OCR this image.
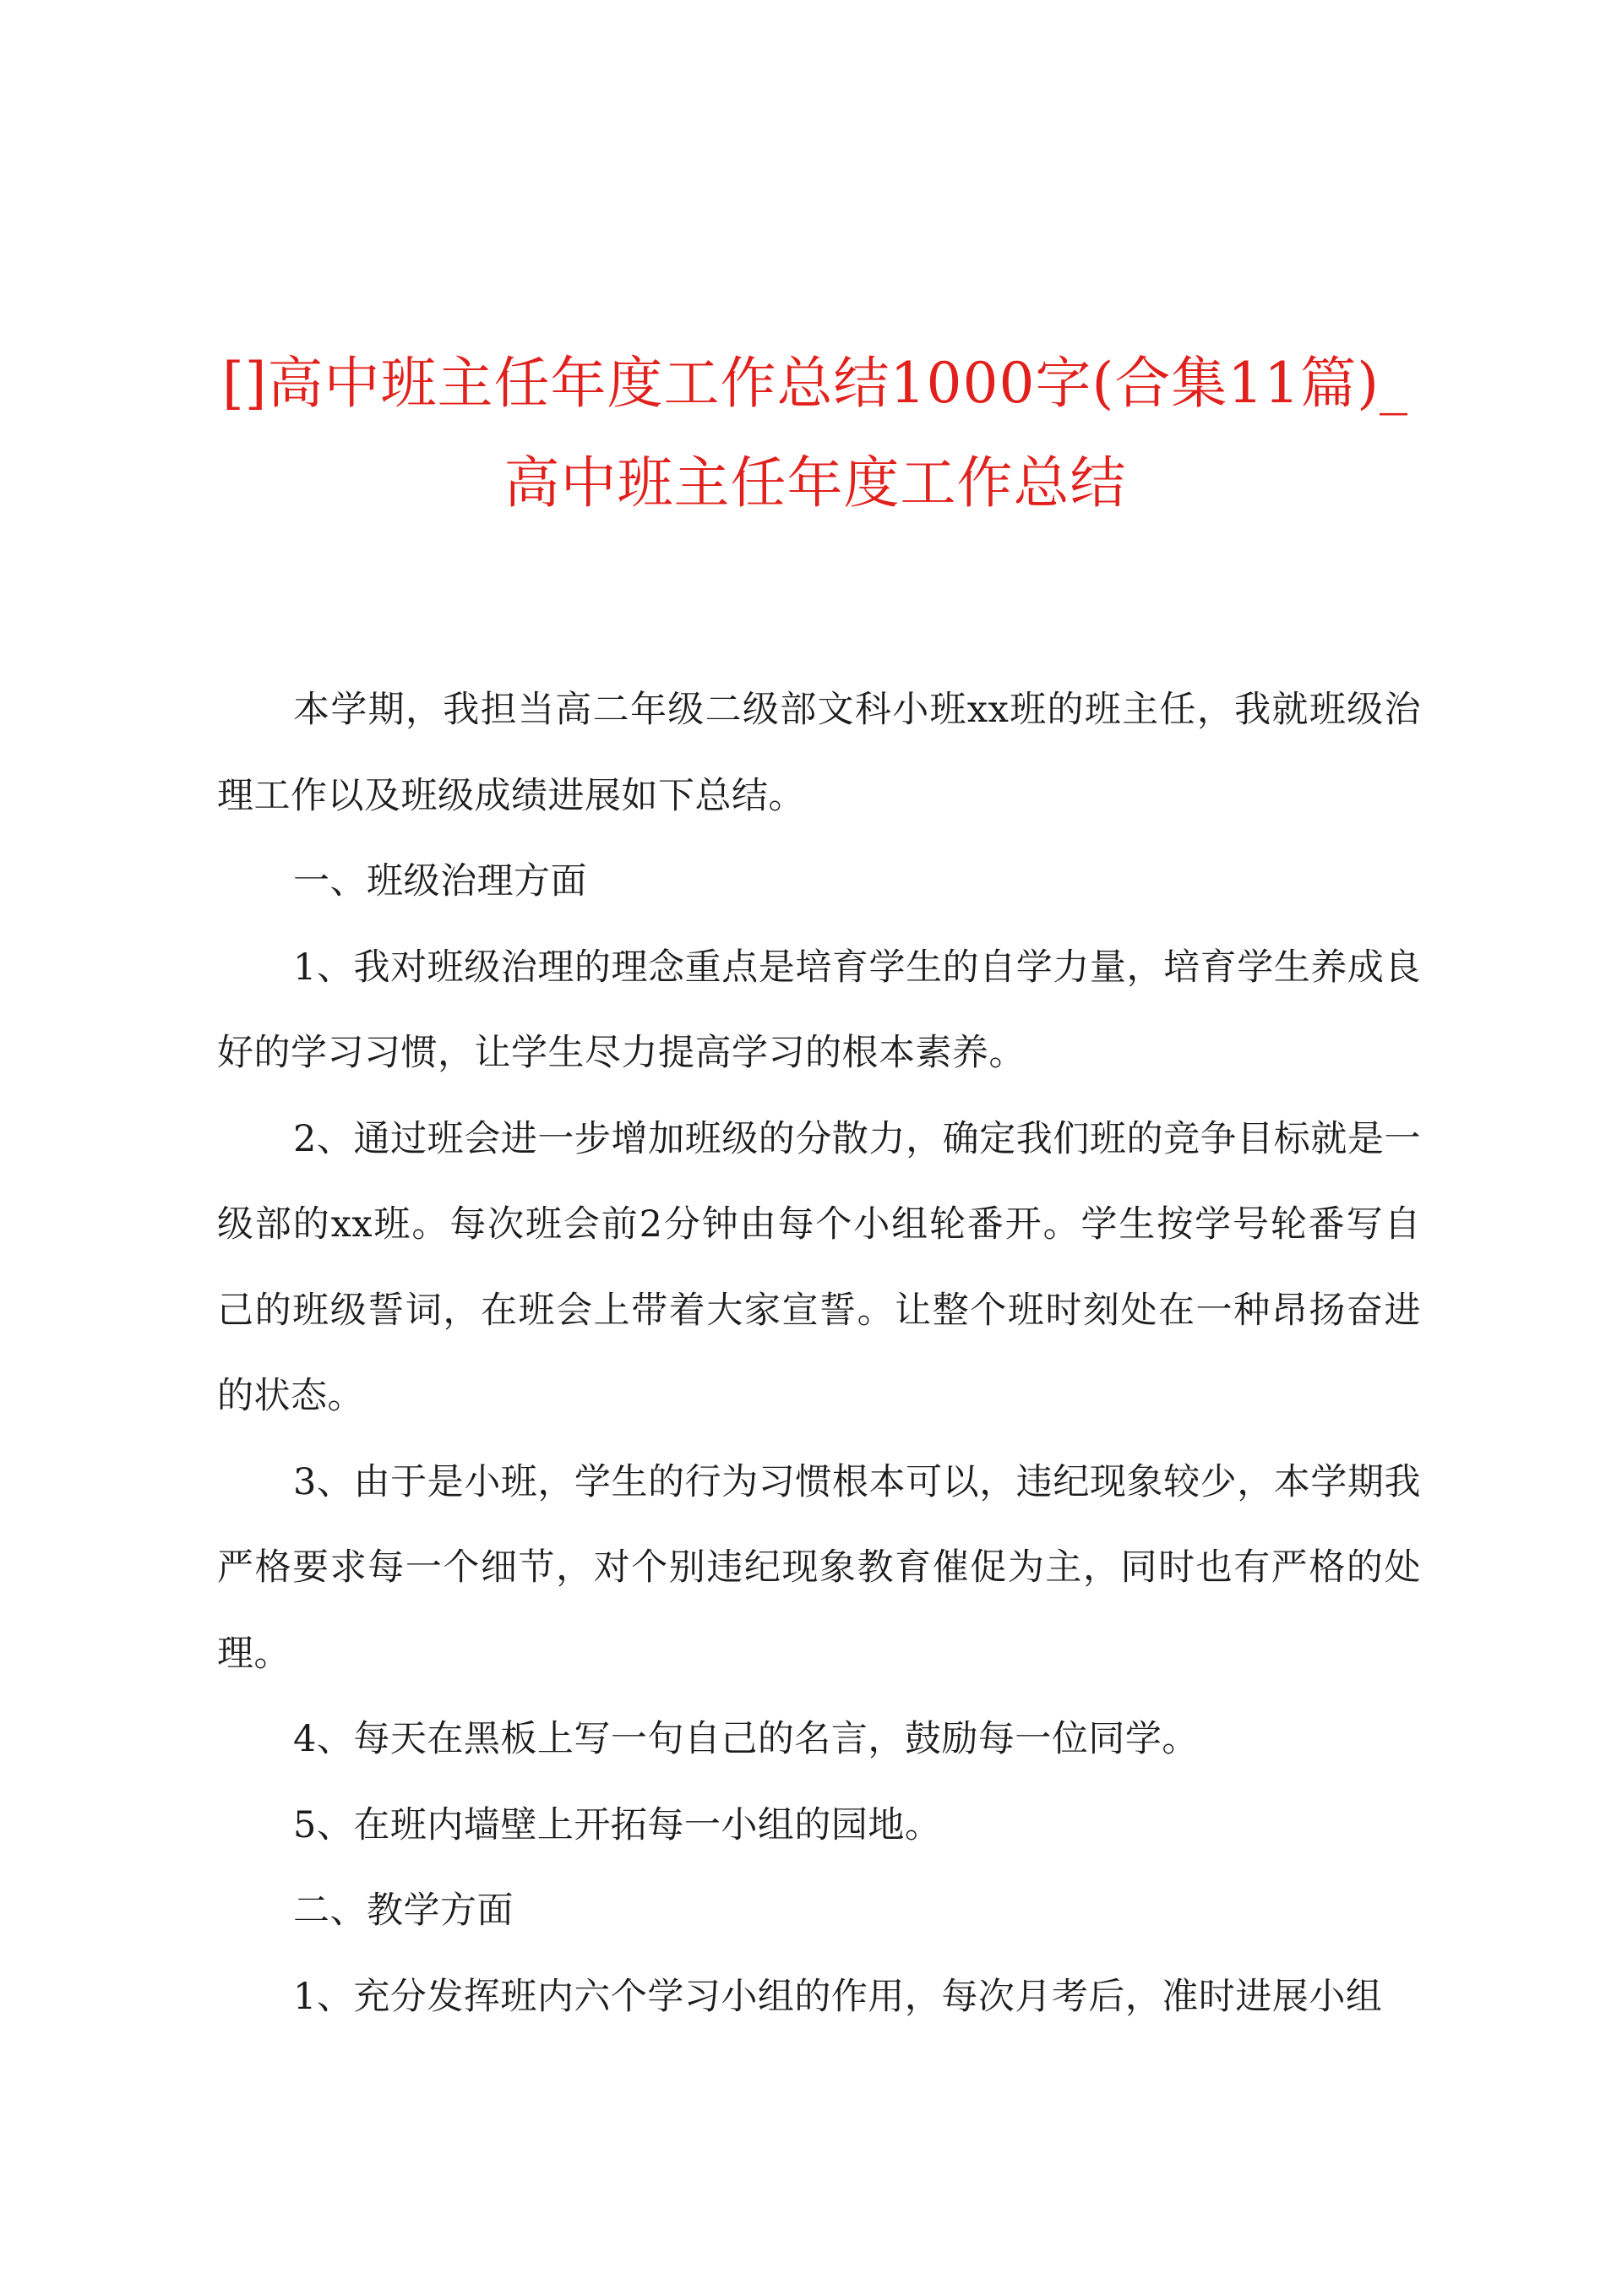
[]高中班主任年度工作总结1000字(合集11篇)_高中班主任年度工作总结

本学期，我担当高二年级二级部文科小班xx班的班主任，我就班级治理工作以及班级成绩进展如下总结。

一、班级治理方面

1、我对班级治理的理念重点是培育学生的自学力量，培育学生养成良好的学习习惯，让学生尽力提高学习的根本素养。

2、通过班会进一步增加班级的分散力，确定我们班的竞争目标就是一级部的xx班。每次班会前2分钟由每个小组轮番开。学生按学号轮番写自己的班级誓词，在班会上带着大家宣誓。让整个班时刻处在一种昂扬奋进的状态。

3、由于是小班，学生的行为习惯根本可以，违纪现象较少，本学期我严格要求每一个细节，对个别违纪现象教育催促为主，同时也有严格的处理。

4、每天在黑板上写一句自己的名言，鼓励每一位同学。

5、在班内墙壁上开拓每一小组的园地。

二、教学方面

1、充分发挥班内六个学习小组的作用，每次月考后，准时进展小组
